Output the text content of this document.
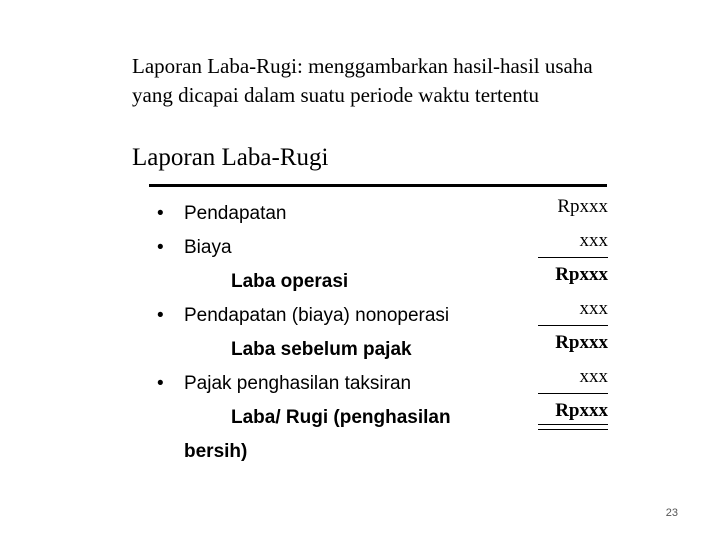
Laporan Laba-Rugi: menggambarkan hasil-hasil usaha
yang dicapai dalam suatu periode waktu tertentu
Laporan Laba-Rugi
• Pendapatan
• Biaya
Laba operasi
• Pendapatan (biaya) nonoperasi
Laba sebelum pajak
• Pajak penghasilan taksiran
Laba/ Rugi (penghasilan
bersih)
Rpxxx
xxx
Rpxxx
xxx
Rpxxx
xxx
Rpxxx
23
